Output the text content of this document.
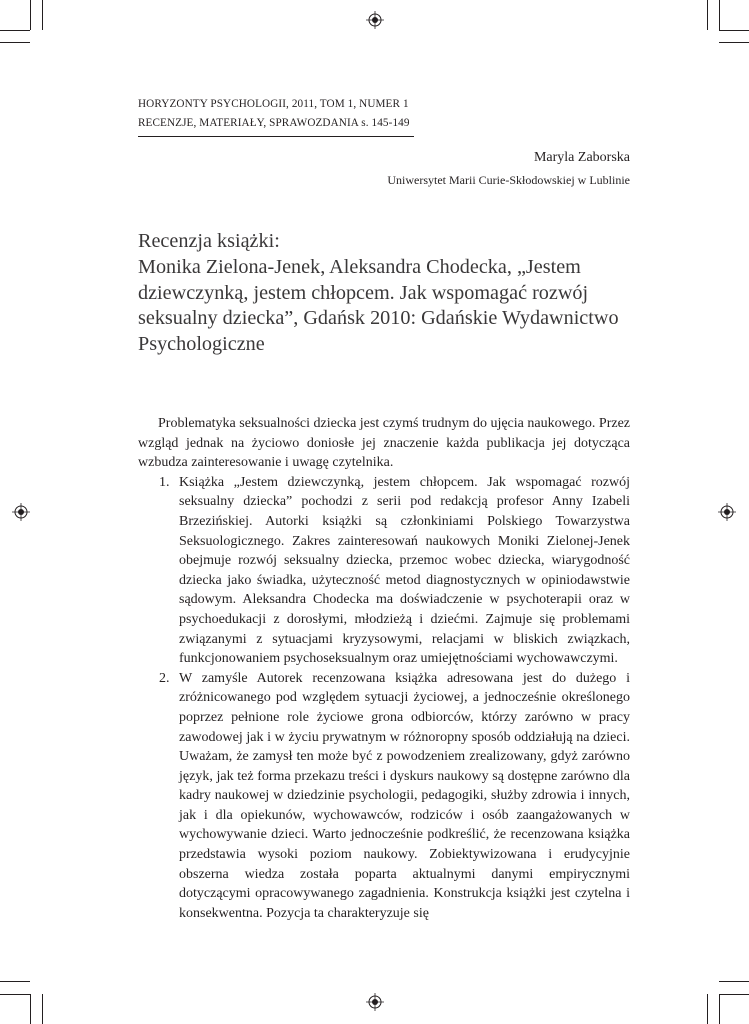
HORYZONTY PSYCHOLOGII, 2011, TOM 1, NUMER 1
RECENZJE, MATERIAŁY, SPRAWOZDANIA s. 145-149
Maryla Zaborska
Uniwersytet Marii Curie-Skłodowskiej w Lublinie
Recenzja książki:
Monika Zielona-Jenek, Aleksandra Chodecka, „Jestem
dziewczynką, jestem chłopcem. Jak wspomagać rozwój
seksualny dziecka”, Gdańsk 2010: Gdańskie Wydawnictwo
Psychologiczne

Problematyka seksualności dziecka jest czymś trudnym do ujęcia naukowego. Przez wzgląd jednak na życiowo doniosłe jej znaczenie każda publikacja jej dotycząca wzbudza zainteresowanie i uwagę czytelnika.

1. Książka „Jestem dziewczynką, jestem chłopcem. Jak wspomagać rozwój seksualny dziecka” pochodzi z serii pod redakcją profesor Anny Izabeli Brzezińskiej. Autorki książki są członkiniami Polskiego Towarzystwa Seksuologicznego. Zakres zainteresowań naukowych Moniki Zielonej-Jenek obejmuje rozwój seksualny dziecka, przemoc wobec dziecka, wiarygodność dziecka jako świadka, użyteczność metod diagnostycznych w opiniodawstwie sądowym. Aleksandra Chodecka ma doświadczenie w psychoterapii oraz w psychoedukacji z dorosłymi, młodzieżą i dziećmi. Zajmuje się problemami związanymi z sytuacjami kryzysowymi, relacjami w bliskich związkach, funkcjonowaniem psychoseksualnym oraz umiejętnościami wychowawczymi.
2. W zamyśle Autorek recenzowana książka adresowana jest do dużego i zróżnicowanego pod względem sytuacji życiowej, a jednocześnie określonego poprzez pełnione role życiowe grona odbiorców, którzy zarówno w pracy zawodowej jak i w życiu prywatnym w różnoropny sposób oddziałują na dzieci. Uważam, że zamysł ten może być z powodzeniem zrealizowany, gdyż zarówno język, jak też forma przekazu treści i dyskurs naukowy są dostępne zarówno dla kadry naukowej w dziedzinie psychologii, pedagogiki, służby zdrowia i innych, jak i dla opiekunów, wychowawców, rodziców i osób zaangażowanych w wychowywanie dzieci. Warto jednocześnie podkreślić, że recenzowana książka przedstawia wysoki poziom naukowy. Zobiektywizowana i erudycyjnie obszerna wiedza została poparta aktualnymi danymi empirycznymi dotyczącymi opracowywanego zagadnienia. Konstrukcja książki jest czytelna i konsekwentna. Pozycja ta charakteryzuje się
